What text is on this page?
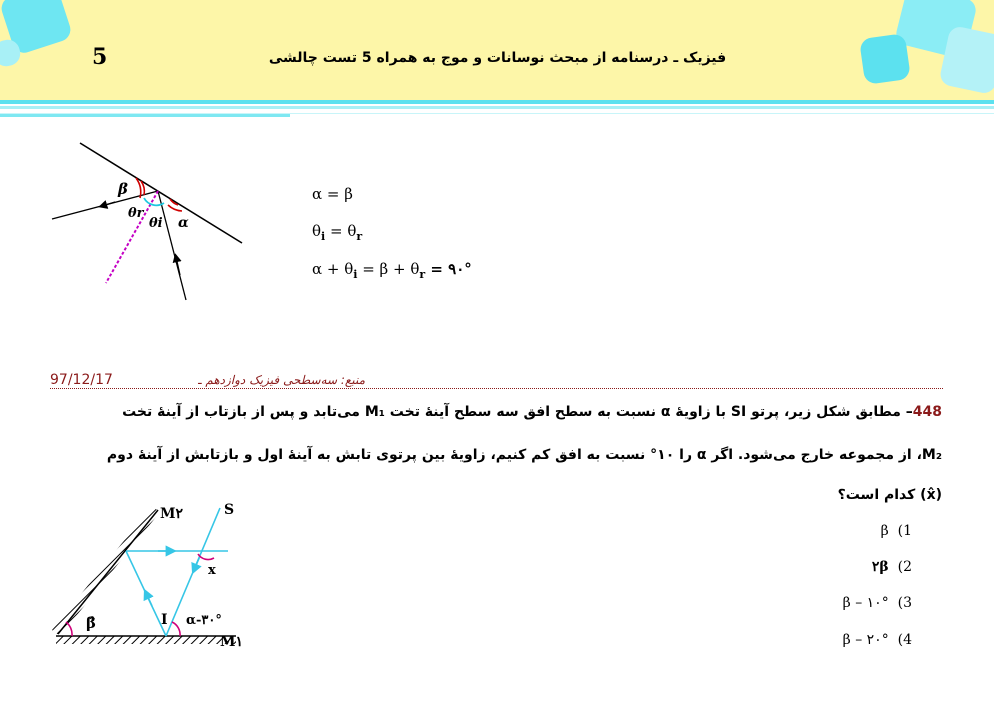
5	فیزیک ـ درسنامه از مبحث نوسانات و موج به همراه 5 تست چالشی
β
θr
θi α
α = β
$\theta_i = \theta_r$
$\alpha + \theta_i = \beta + \theta_r$ = ۹۰°
97/12/17	منبع: سه‌سطحی فیزیک دوازدهم ـ
448– مطابق شکل زیر، پرتو SI با زاویهٔ α نسبت به سطح افق سه سطح آینهٔ تخت M₁ می‌تابد و پس از بازتاب از آینهٔ تخت
M₂، از مجموعه خارج می‌شود. اگر α را ۱۰° نسبت به افق کم کنیم، زاویهٔ بین پرتوی تابش به آینهٔ اول و بازتابش از آینهٔ دوم
(x̂) کدام است؟
β (1
۲β (2
β – ۱۰° (3
β – ۲۰° (4
M۲	S
x
I α-۳۰°
β̂
M۱
